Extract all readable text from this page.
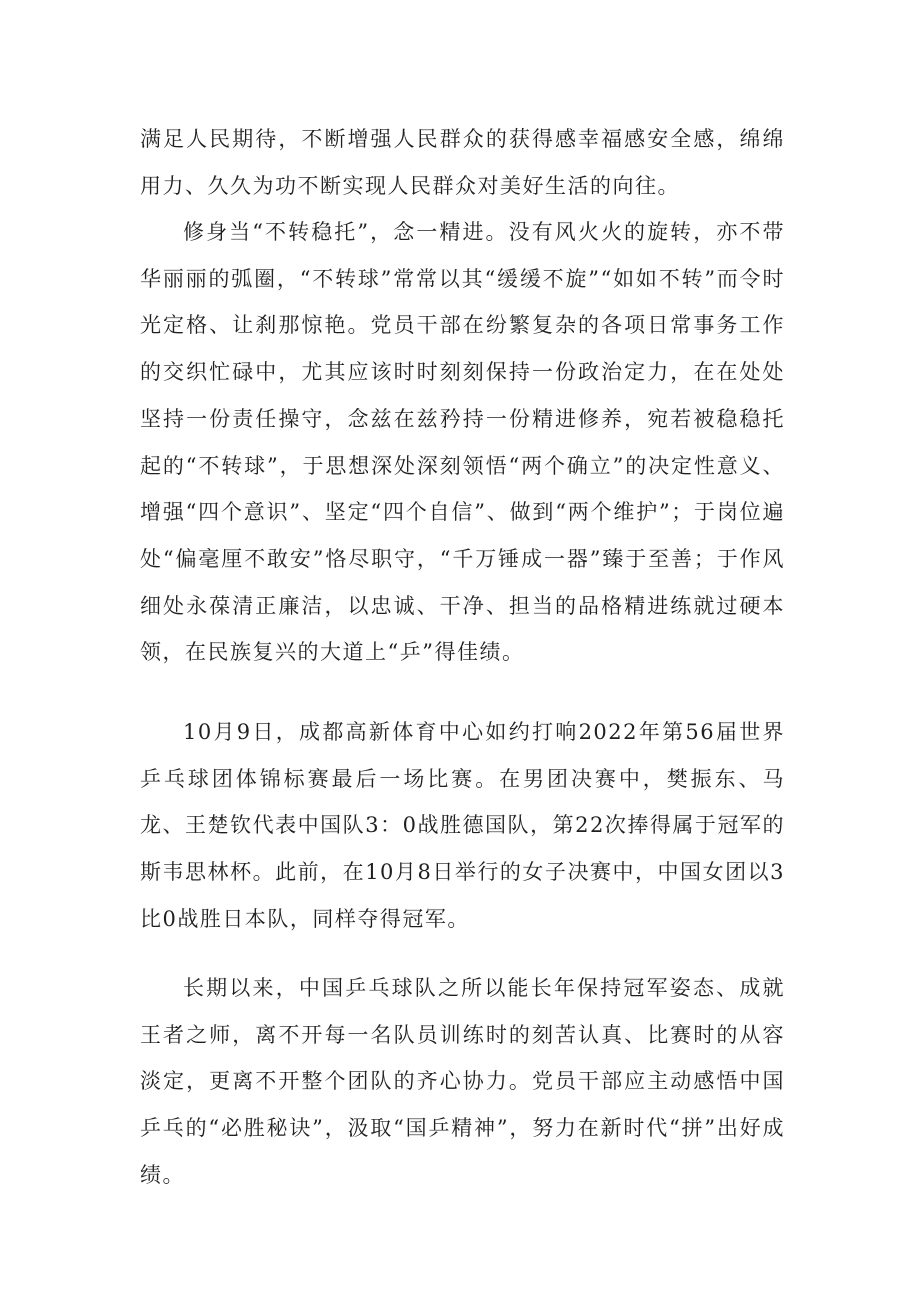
满足人民期待，不断增强人民群众的获得感幸福感安全感，绵绵用力、久久为功不断实现人民群众对美好生活的向往。

修身当“不转稳托”，念一精进。没有风火火的旋转，亦不带华丽丽的弧圈，“不转球”常常以其“缓缓不旋”“如如不转”而令时光定格、让刹那惊艳。党员干部在纷繁复杂的各项日常事务工作的交织忙碌中，尤其应该时时刻刻保持一份政治定力，在在处处坚持一份责任操守，念兹在兹矜持一份精进修养，宛若被稳稳托起的“不转球”，于思想深处深刻领悟“两个确立”的决定性意义、增强“四个意识”、坚定“四个自信”、做到“两个维护”；于岗位遍处“偏毫厘不敢安”恪尽职守，“千万锤成一器”臻于至善；于作风细处永葆清正廉洁，以忠诚、干净、担当的品格精进练就过硬本领，在民族复兴的大道上“乒”得佳绩。

10月9日，成都高新体育中心如约打响2022年第56届世界乒乓球团体锦标赛最后一场比赛。在男团决赛中，樊振东、马龙、王楚钦代表中国队3：0战胜德国队，第22次捧得属于冠军的斯韦思林杯。此前，在10月8日举行的女子决赛中，中国女团以3比0战胜日本队，同样夺得冠军。

长期以来，中国乒乓球队之所以能长年保持冠军姿态、成就王者之师，离不开每一名队员训练时的刻苦认真、比赛时的从容淡定，更离不开整个团队的齐心协力。党员干部应主动感悟中国乒乓的“必胜秘诀”，汲取“国乒精神”，努力在新时代“拼”出好成绩。
